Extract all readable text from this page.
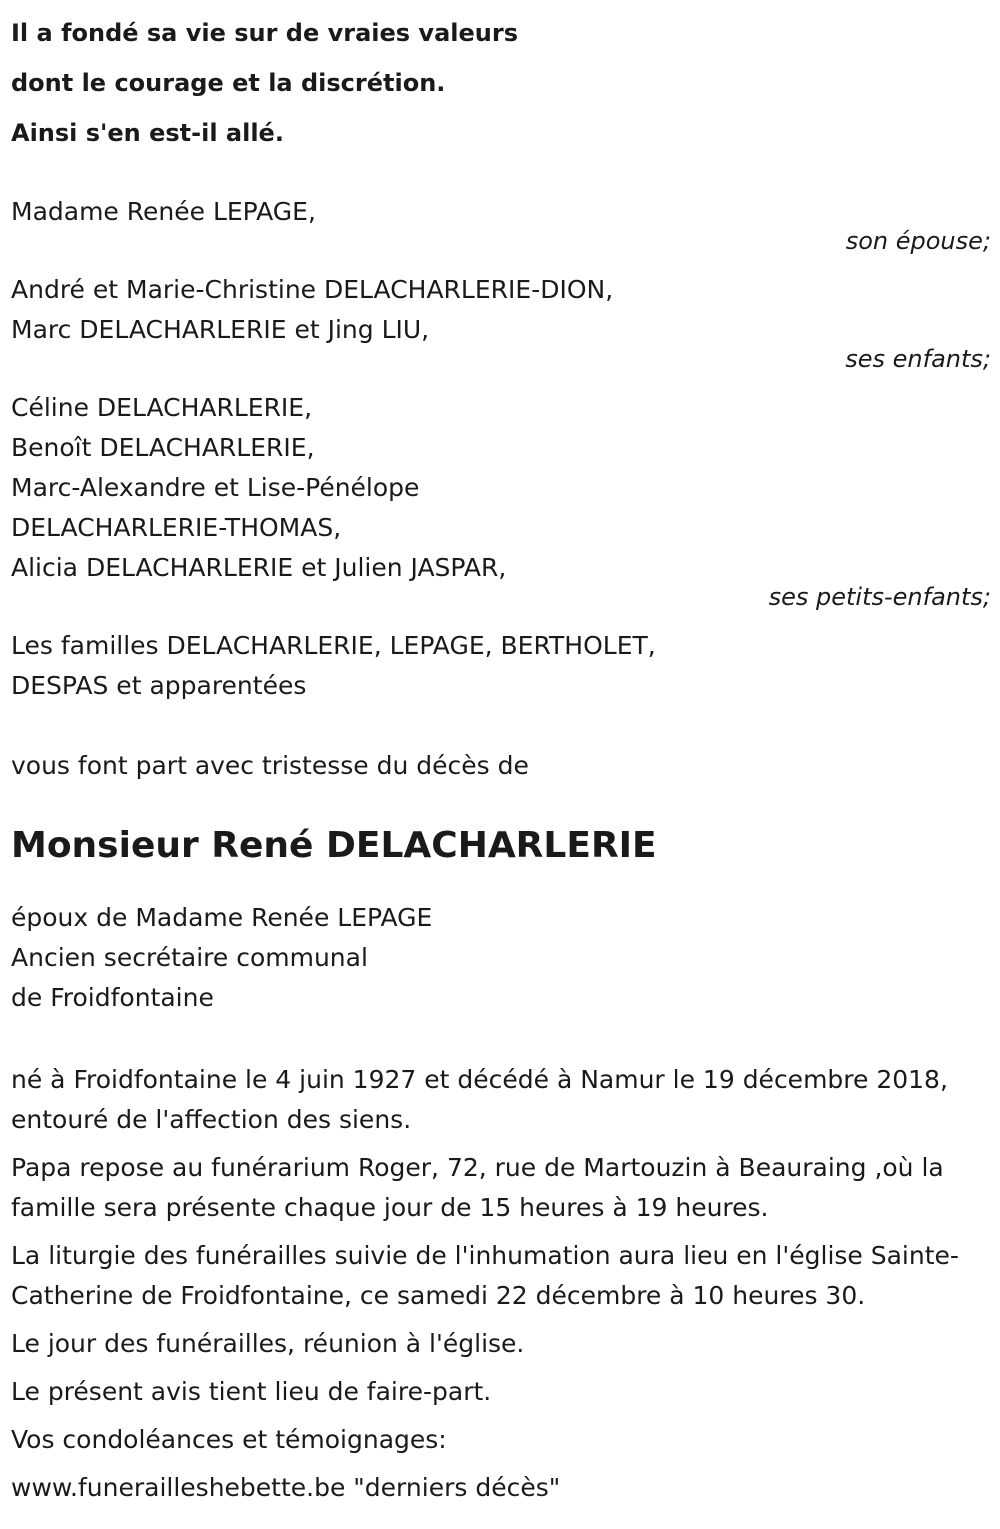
Il a fondé sa vie sur de vraies valeurs
dont le courage et la discrétion.
Ainsi s'en est-il allé.
Madame Renée LEPAGE,
son épouse;
André et Marie-Christine DELACHARLERIE-DION,
Marc DELACHARLERIE et Jing LIU,
ses enfants;
Céline DELACHARLERIE,
Benoît DELACHARLERIE,
Marc-Alexandre et Lise-Pénélope
DELACHARLERIE-THOMAS,
Alicia DELACHARLERIE et Julien JASPAR,
ses petits-enfants;
Les familles DELACHARLERIE, LEPAGE, BERTHOLET,
DESPAS et apparentées
vous font part avec tristesse du décès de
Monsieur René DELACHARLERIE
époux de Madame Renée LEPAGE
Ancien secrétaire communal
de Froidfontaine
né à Froidfontaine le 4 juin 1927 et décédé à Namur le 19 décembre 2018, entouré de l'affection des siens.
Papa repose au funérarium Roger, 72, rue de Martouzin à Beauraing ,où la famille sera présente chaque jour de 15 heures à 19 heures.
La liturgie des funérailles suivie de l'inhumation aura lieu en l'église Sainte-Catherine de Froidfontaine, ce samedi 22 décembre à 10 heures 30.
Le jour des funérailles, réunion à l'église.
Le présent avis tient lieu de faire-part.
Vos condoléances et témoignages:
www.funerailleshebette.be "derniers décès"
